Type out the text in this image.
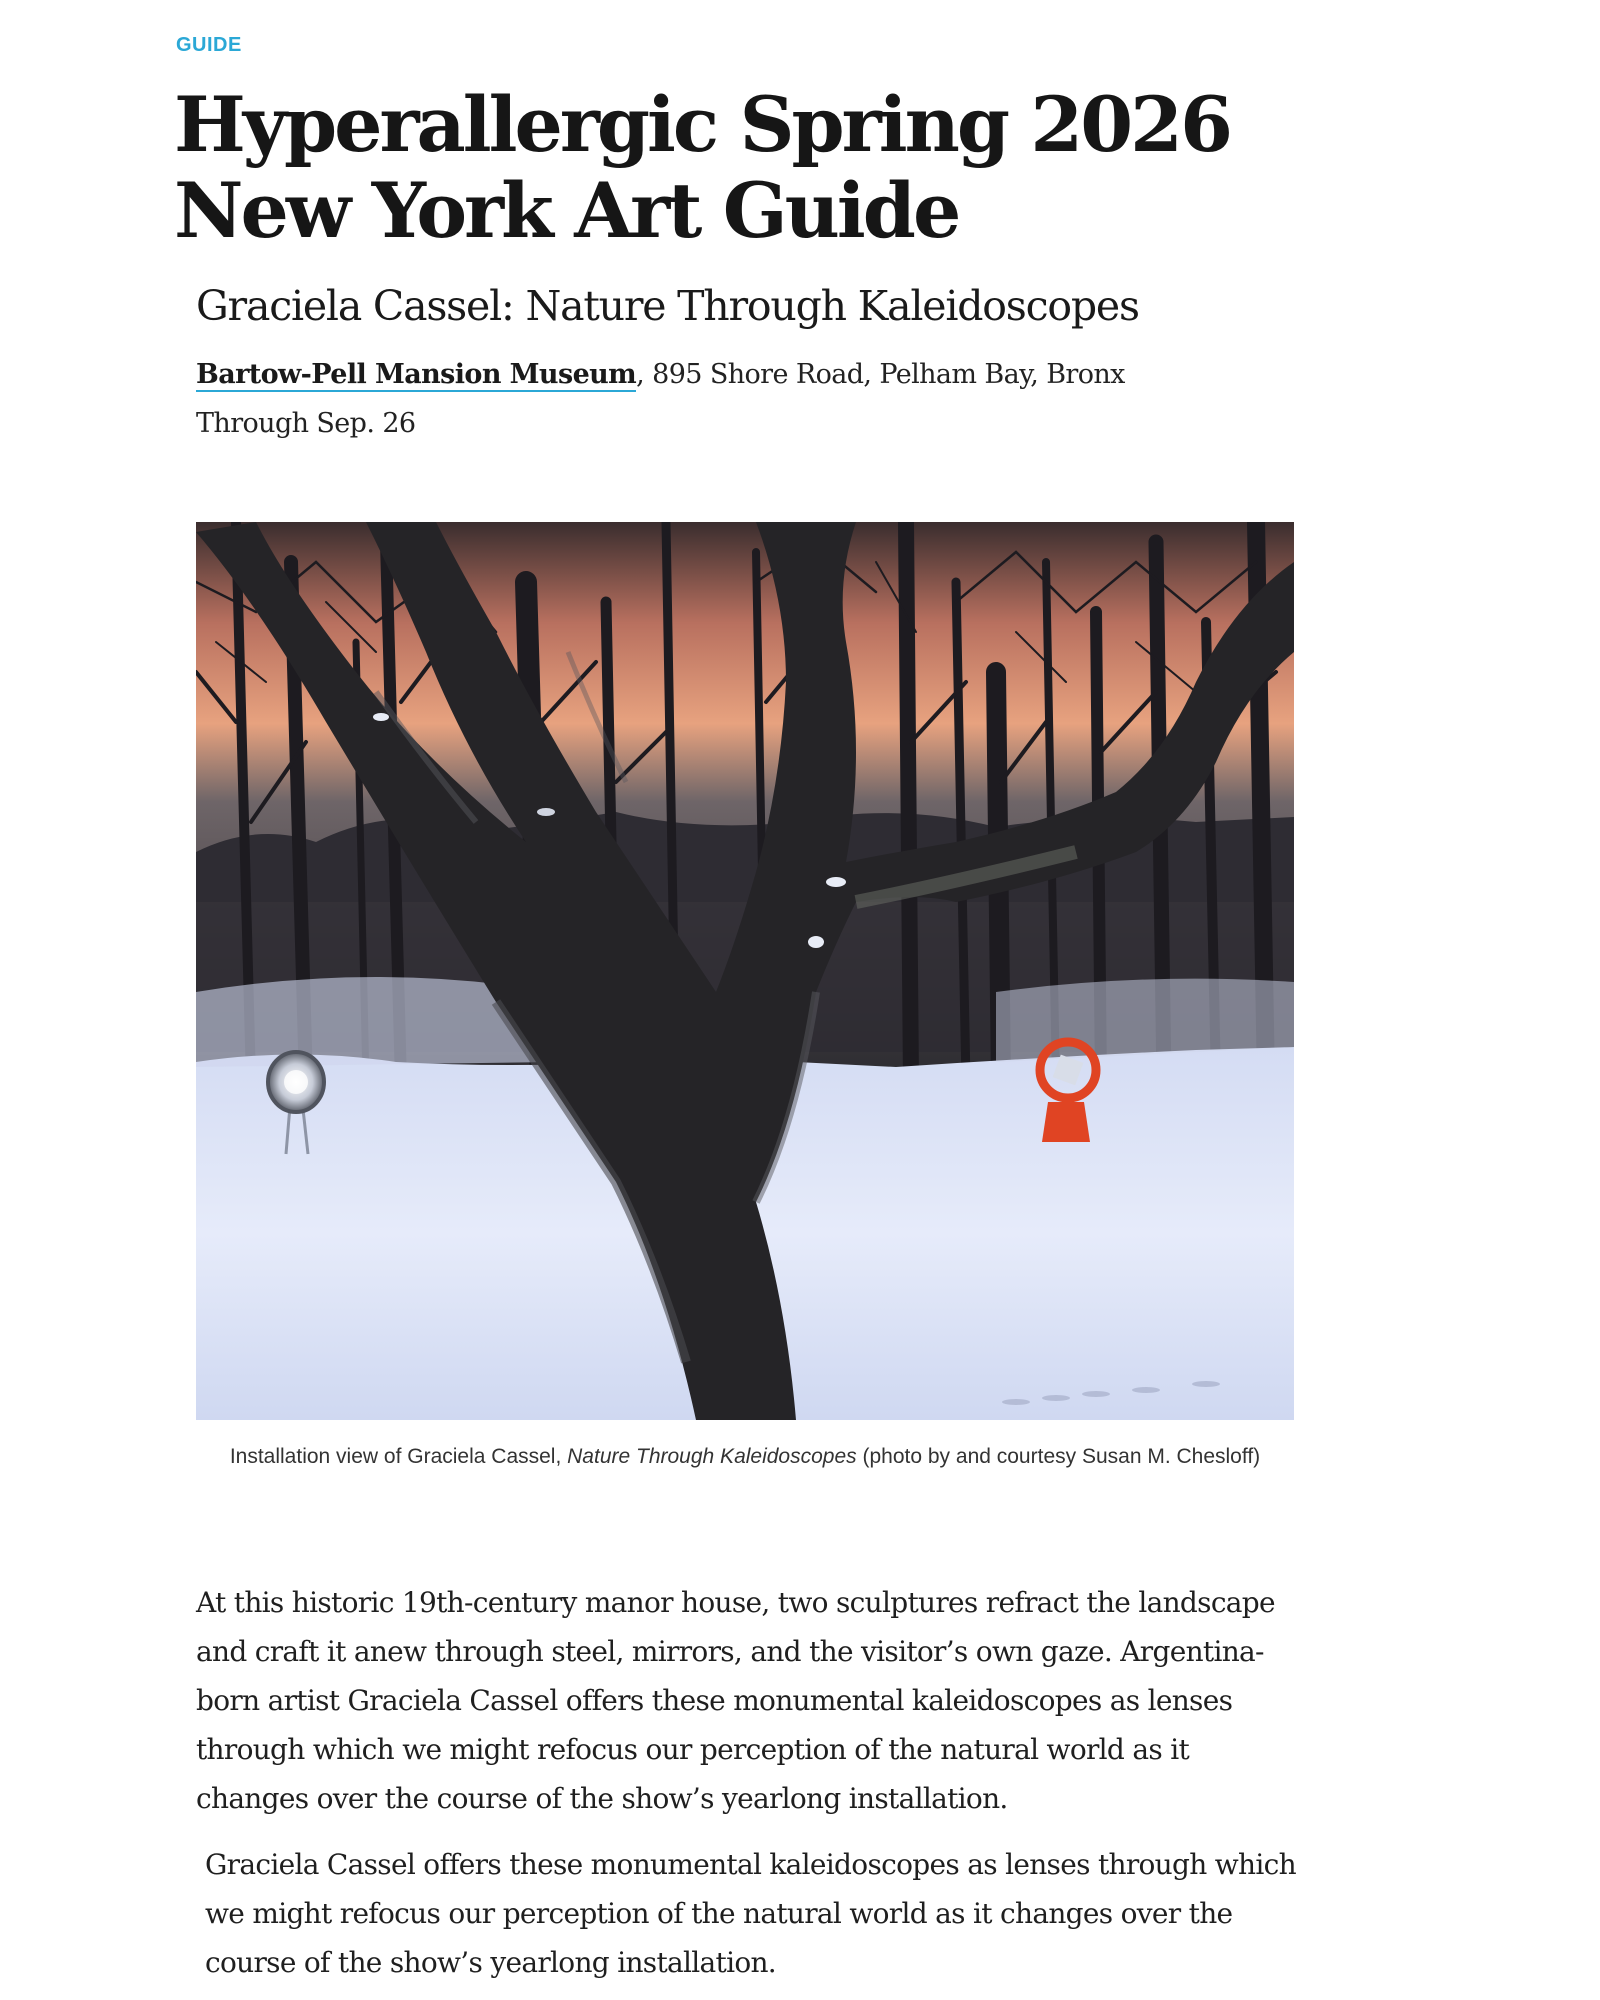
GUIDE
Hyperallergic Spring 2026 New York Art Guide
Graciela Cassel: Nature Through Kaleidoscopes
Bartow-Pell Mansion Museum, 895 Shore Road, Pelham Bay, Bronx
Through Sep. 26
Installation view of Graciela Cassel, Nature Through Kaleidoscopes (photo by and courtesy Susan M. Chesloff)

At this historic 19th-century manor house, two sculptures refract the landscape and craft it anew through steel, mirrors, and the visitor’s own gaze. Argentina-born artist Graciela Cassel offers these monumental kaleidoscopes as lenses through which we might refocus our perception of the natural world as it changes over the course of the show’s yearlong installation.

Graciela Cassel offers these monumental kaleidoscopes as lenses through which we might refocus our perception of the natural world as it changes over the course of the show’s yearlong installation.
